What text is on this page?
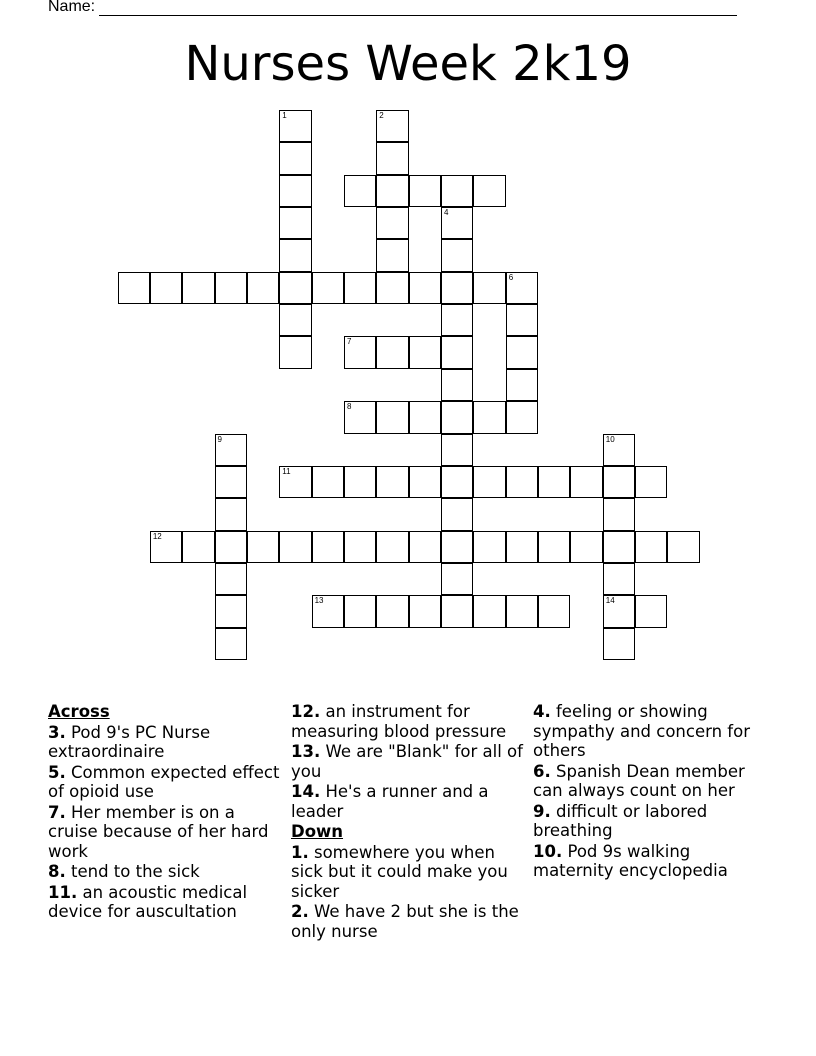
Name:
Nurses Week 2k19
7
8
11
12
13	14
1	2
4
6
9	10
Across
3. Pod 9's PC Nurse extraordinaire
5. Common expected effect of opioid use
7. Her member is on a cruise because of her hard work
8. tend to the sick
11. an acoustic medical device for auscultation
12. an instrument for measuring blood pressure
13. We are "Blank" for all of you
14. He's a runner and a leader
Down
1. somewhere you when sick but it could make you sicker
2. We have 2 but she is the only nurse
4. feeling or showing sympathy and concern for others
6. Spanish Dean member can always count on her
9. difficult or labored breathing
10. Pod 9s walking maternity encyclopedia
